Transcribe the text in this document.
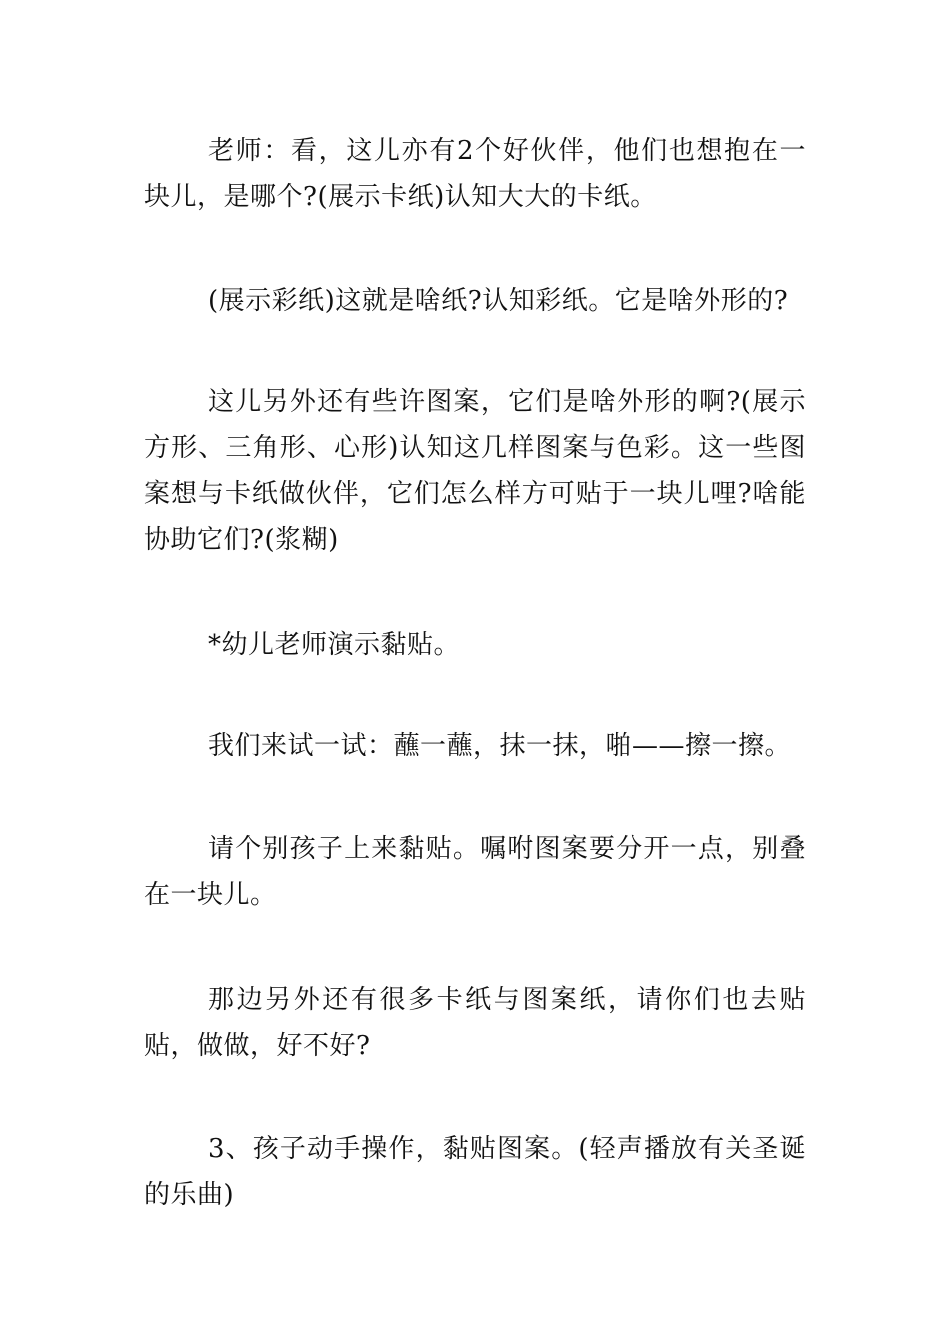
老师：看，这儿亦有2个好伙伴，他们也想抱在一块儿，是哪个?(展示卡纸)认知大大的卡纸。

(展示彩纸)这就是啥纸?认知彩纸。它是啥外形的?

这儿另外还有些许图案，它们是啥外形的啊?(展示方形、三角形、心形)认知这几样图案与色彩。这一些图案想与卡纸做伙伴，它们怎么样方可贴于一块儿哩?啥能协助它们?(浆糊)

*幼儿老师演示黏贴。

我们来试一试：蘸一蘸，抹一抹，啪——擦一擦。

请个别孩子上来黏贴。嘱咐图案要分开一点，别叠在一块儿。

那边另外还有很多卡纸与图案纸，请你们也去贴贴，做做，好不好?

3、孩子动手操作，黏贴图案。(轻声播放有关圣诞的乐曲)
